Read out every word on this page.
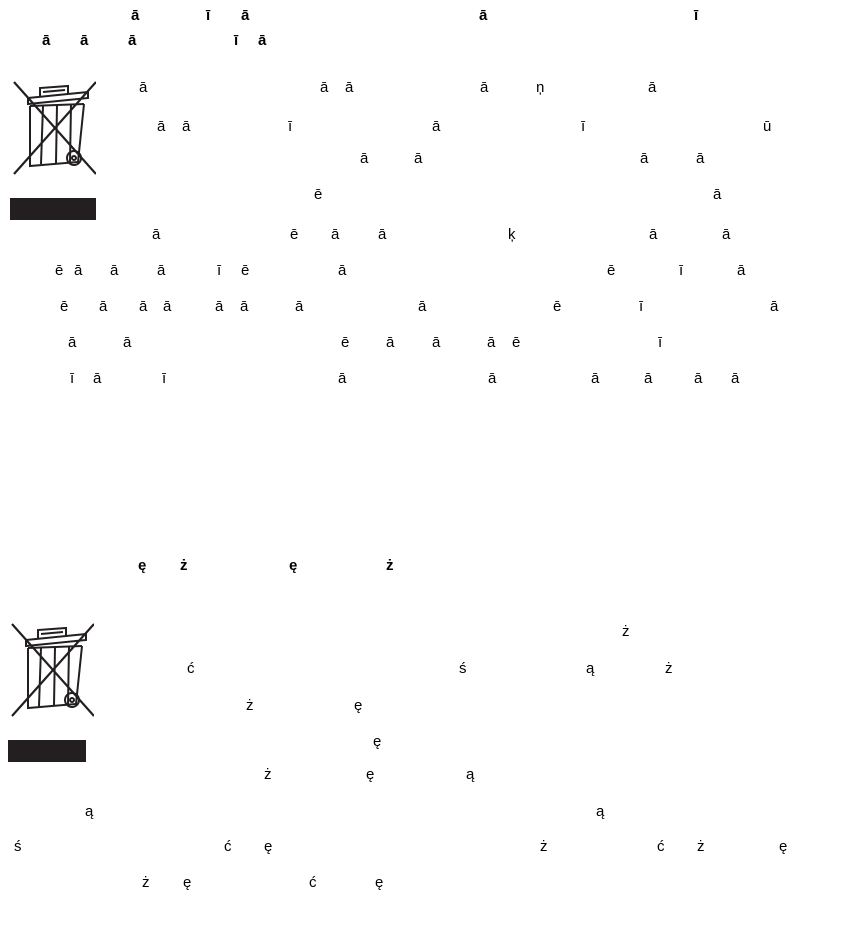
ā	ī ā	ā	ī
ā ā	ā	ī ā
ā	ā ā	ā	ņ	ā
ā ā	ī	ā	ī	ū
ā	ā	ā	ā
ē	ā
ā	ē ā	ā	ķ	ā	ā
ē ā ā	ā	ī ē	ā	ē	ī	ā
ē ā ā ā	ā ā	ā	ā	ē	ī	ā
ā	ā	ē ā	ā	ā ē	ī
ī ā	ī	ā	ā	ā	ā	ā ā
ę ż	ę	ż
ż
ć	ś	ą	ż
ż	ę
ę
ż	ę	ą
ą	ą
ś	ć ę	ż	ć ż	ę
ż ę	ć	ę
